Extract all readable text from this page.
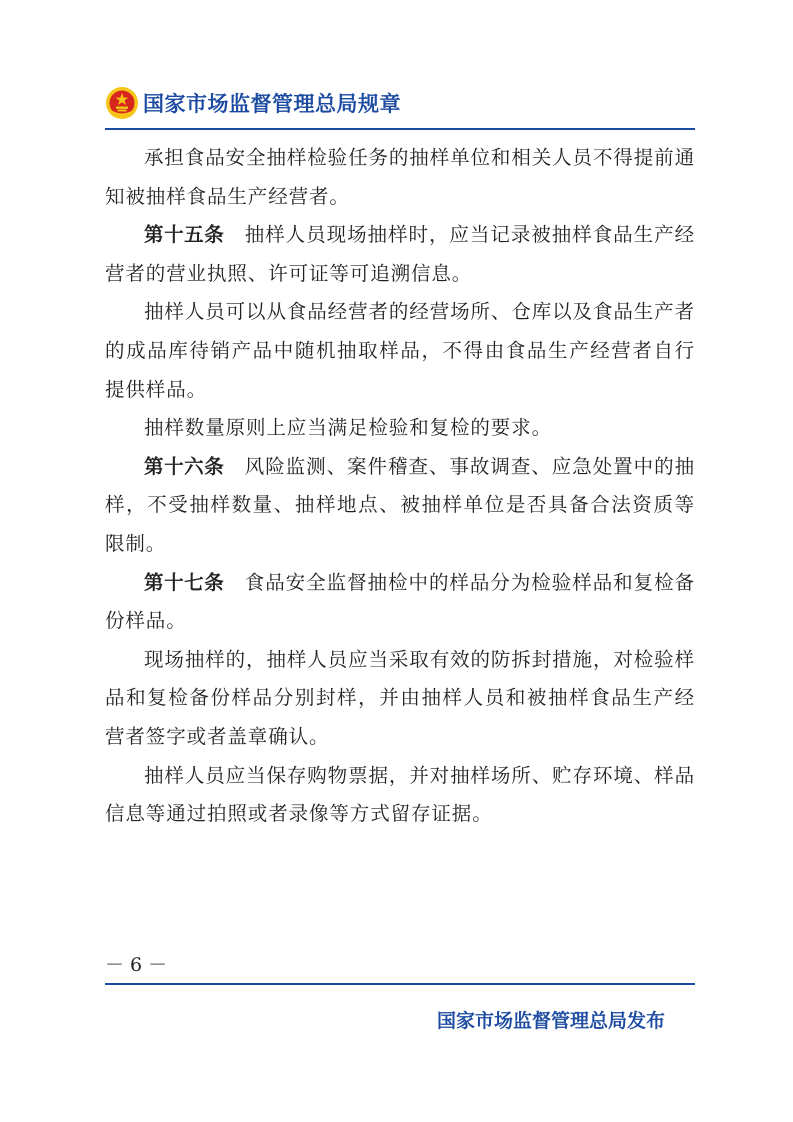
国家市场监督管理总局规章

承担食品安全抽样检验任务的抽样单位和相关人员不得提前通知被抽样食品生产经营者。

第十五条　 抽样人员现场抽样时，应当记录被抽样食品生产经营者的营业执照、许可证等可追溯信息。

抽样人员可以从食品经营者的经营场所、仓库以及食品生产者的成品库待销产品中随机抽取样品，不得由食品生产经营者自行提供样品。

抽样数量原则上应当满足检验和复检的要求。

第十六条　 风险监测、案件稽查、事故调查、应急处置中的抽样，不受抽样数量、抽样地点、被抽样单位是否具备合法资质等限制。

第十七条　 食品安全监督抽检中的样品分为检验样品和复检备份样品。

现场抽样的，抽样人员应当采取有效的防拆封措施，对检验样品和复检备份样品分别封样，并由抽样人员和被抽样食品生产经营者签字或者盖章确认。

抽样人员应当保存购物票据，并对抽样场所、贮存环境、样品信息等通过拍照或者录像等方式留存证据。

－ 6 －
国家市场监督管理总局发布
